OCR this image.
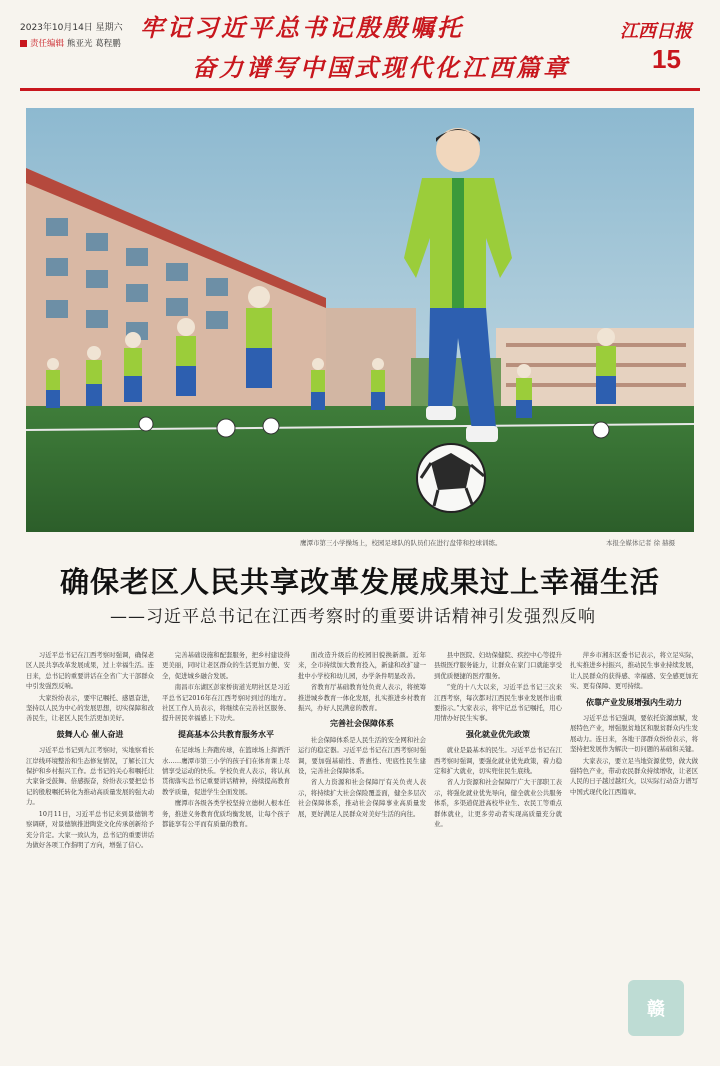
2023年10月14日 星期六
责任编辑 熊亚光 葛程鹏
牢记习近平总书记殷殷嘱托
奋力谱写中国式现代化江西篇章
江西日报
15
鹰潭市第三小学操场上，校园足球队的队员们在进行盘带和控球训练。	本报全媒体记者 徐 赫摄
确保老区人民共享改革发展成果过上幸福生活
——习近平总书记在江西考察时的重要讲话精神引发强烈反响

习近平总书记在江西考察时强调，确保老区人民共享改革发展成果，过上幸福生活。连日来，总书记的重要讲话在全省广大干部群众中引发强烈反响。

大家纷纷表示，要牢记嘱托、感恩奋进，坚持以人民为中心的发展思想，切实保障和改善民生，让老区人民生活更加美好。

鼓舞人心 催人奋进

习近平总书记到九江考察时，实地察看长江岸线环境整治和生态修复情况，了解长江大保护和乡村振兴工作。总书记的关心和嘱托让大家备受鼓舞、倍感振奋，纷纷表示要把总书记的殷殷嘱托转化为推动高质量发展的强大动力。

10月11日，习近平总书记来到景德镇考察调研，对景德镇推进陶瓷文化传承创新给予充分肯定。大家一致认为，总书记的重要讲话为做好各项工作指明了方向，增强了信心。

完善基础设施和配套服务，把乡村建设得更美丽，同时让老区群众的生活更加方便、安全，促进城乡融合发展。

南昌市东湖区彭家桥街道光明社区是习近平总书记2016年在江西考察时到过的地方。社区工作人员表示，将继续在完善社区服务、提升居民幸福感上下功夫。

提高基本公共教育服务水平

在足球场上奔跑传球，在篮球场上挥洒汗水……鹰潭市第三小学的孩子们在体育课上尽情享受运动的快乐。学校负责人表示，将认真贯彻落实总书记重要讲话精神，持续提高教育教学质量，促进学生全面发展。

鹰潭市各级各类学校坚持立德树人根本任务，推进义务教育优质均衡发展，让每个孩子都能享有公平而有质量的教育。

面改造升级后的校园旧貌换新颜。近年来，全市持续加大教育投入，新建和改扩建一批中小学校和幼儿园，办学条件明显改善。

省教育厅基础教育处负责人表示，将统筹推进城乡教育一体化发展，扎实推进乡村教育振兴，办好人民满意的教育。

完善社会保障体系

社会保障体系是人民生活的安全网和社会运行的稳定器。习近平总书记在江西考察时强调，要加强基础性、普惠性、兜底性民生建设，完善社会保障体系。

省人力资源和社会保障厅有关负责人表示，将持续扩大社会保险覆盖面，健全多层次社会保障体系，推动社会保障事业高质量发展，更好满足人民群众对美好生活的向往。

县中医院、妇幼保健院、疾控中心等提升县级医疗服务能力，让群众在家门口就能享受到优质便捷的医疗服务。

“党的十八大以来，习近平总书记三次来江西考察，每次都对江西民生事业发展作出重要指示。”大家表示，将牢记总书记嘱托，用心用情办好民生实事。

强化就业优先政策

就业是最基本的民生。习近平总书记在江西考察时强调，要强化就业优先政策，着力稳定和扩大就业，切实兜住民生底线。

省人力资源和社会保障厅广大干部职工表示，将强化就业优先导向，健全就业公共服务体系，多渠道促进高校毕业生、农民工等重点群体就业，让更多劳动者实现高质量充分就业。

萍乡市湘东区委书记表示，将立足实际，扎实推进乡村振兴，推动民生事业持续发展，让人民群众的获得感、幸福感、安全感更加充实、更有保障、更可持续。

依靠产业发展增强内生动力

习近平总书记强调，要依托资源禀赋，发展特色产业，增强脱贫地区和脱贫群众内生发展动力。连日来，各地干部群众纷纷表示，将坚持把发展作为解决一切问题的基础和关键。

大家表示，要立足当地资源优势，做大做强特色产业，带动农民群众持续增收，让老区人民的日子越过越红火，以实际行动奋力谱写中国式现代化江西篇章。

赣
